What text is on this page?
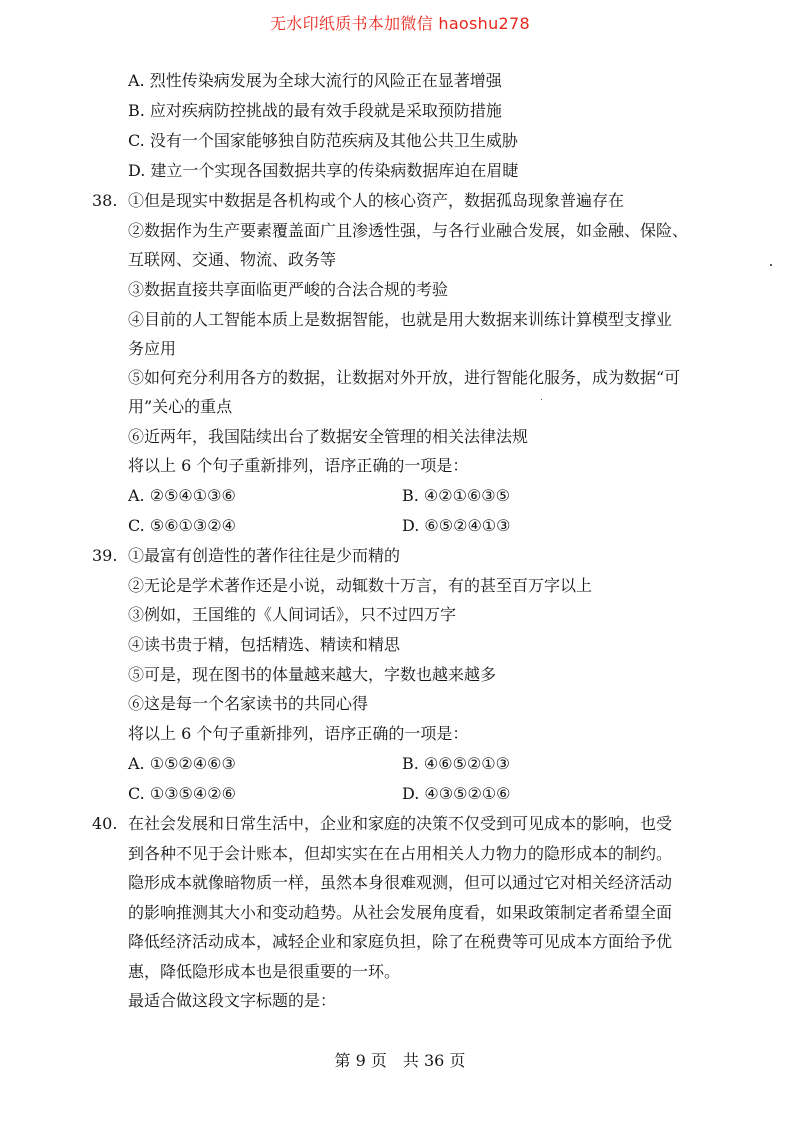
无水印纸质书本加微信 haoshu278
A. 烈性传染病发展为全球大流行的风险正在显著增强
B. 应对疾病防控挑战的最有效手段就是采取预防措施
C. 没有一个国家能够独自防范疾病及其他公共卫生威胁
D. 建立一个实现各国数据共享的传染病数据库迫在眉睫
38. ①但是现实中数据是各机构或个人的核心资产，数据孤岛现象普遍存在
②数据作为生产要素覆盖面广且渗透性强，与各行业融合发展，如金融、保险、
互联网、交通、物流、政务等
③数据直接共享面临更严峻的合法合规的考验
④目前的人工智能本质上是数据智能，也就是用大数据来训练计算模型支撑业
务应用
⑤如何充分利用各方的数据，让数据对外开放，进行智能化服务，成为数据“可
用”关心的重点
⑥近两年，我国陆续出台了数据安全管理的相关法律法规
将以上 6 个句子重新排列，语序正确的一项是：
A. ②⑤④①③⑥	B. ④②①⑥③⑤
C. ⑤⑥①③②④	D. ⑥⑤②④①③
39. ①最富有创造性的著作往往是少而精的
②无论是学术著作还是小说，动辄数十万言，有的甚至百万字以上
③例如，王国维的《人间词话》，只不过四万字
④读书贵于精，包括精选、精读和精思
⑤可是，现在图书的体量越来越大，字数也越来越多
⑥这是每一个名家读书的共同心得
将以上 6 个句子重新排列，语序正确的一项是：
A. ①⑤②④⑥③	B. ④⑥⑤②①③
C. ①③⑤④②⑥	D. ④③⑤②①⑥
40. 在社会发展和日常生活中，企业和家庭的决策不仅受到可见成本的影响，也受
到各种不见于会计账本，但却实实在在占用相关人力物力的隐形成本的制约。
隐形成本就像暗物质一样，虽然本身很难观测，但可以通过它对相关经济活动
的影响推测其大小和变动趋势。从社会发展角度看，如果政策制定者希望全面
降低经济活动成本，减轻企业和家庭负担，除了在税费等可见成本方面给予优
惠，降低隐形成本也是很重要的一环。
最适合做这段文字标题的是：
第 9 页　共 36 页
